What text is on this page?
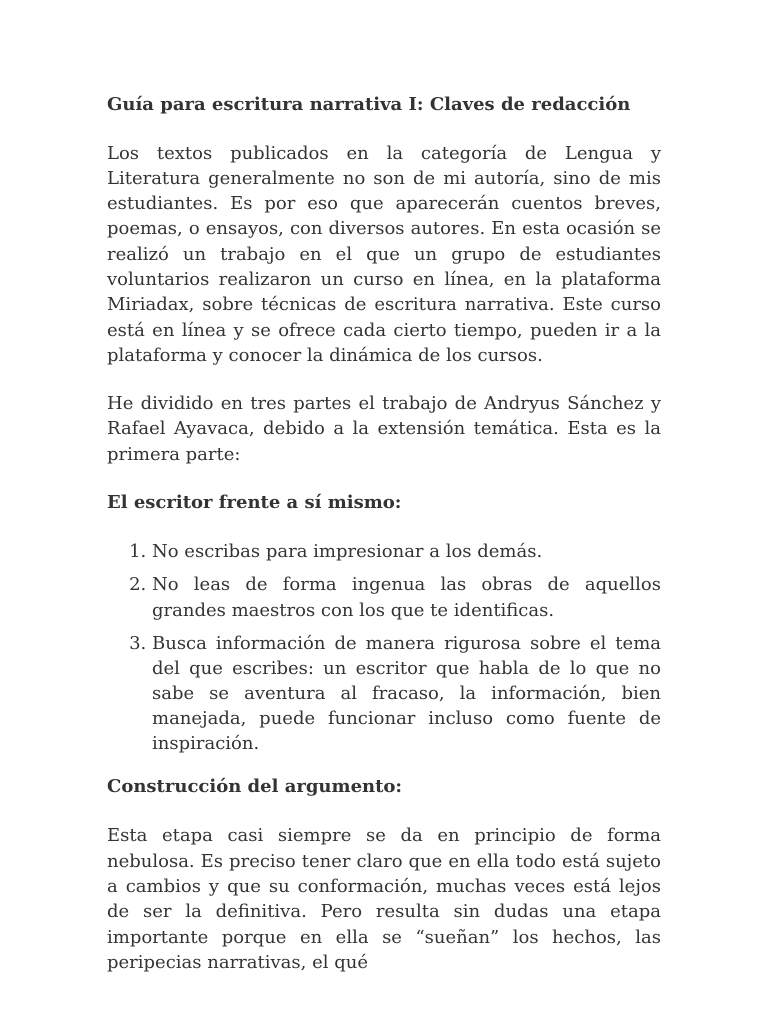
Guía para escritura narrativa I: Claves de redacción

Los textos publicados en la categoría de Lengua y Literatura generalmente no son de mi autoría, sino de mis estudiantes. Es por eso que aparecerán cuentos breves, poemas, o ensayos, con diversos autores. En esta ocasión se realizó un trabajo en el que un grupo de estudiantes voluntarios realizaron un curso en línea, en la plataforma Miriadax, sobre técnicas de escritura narrativa. Este curso está en línea y se ofrece cada cierto tiempo, pueden ir a la plataforma y conocer la dinámica de los cursos.

He dividido en tres partes el trabajo de Andryus Sánchez y Rafael Ayavaca, debido a la extensión temática. Esta es la primera parte:

El escritor frente a sí mismo:

1. No escribas para impresionar a los demás.
2. No leas de forma ingenua las obras de aquellos grandes maestros con los que te identificas.
3. Busca información de manera rigurosa sobre el tema del que escribes: un escritor que habla de lo que no sabe se aventura al fracaso, la información, bien manejada, puede funcionar incluso como fuente de inspiración.

Construcción del argumento:

Esta etapa casi siempre se da en principio de forma nebulosa. Es preciso tener claro que en ella todo está sujeto a cambios y que su conformación, muchas veces está lejos de ser la definitiva. Pero resulta sin dudas una etapa importante porque en ella se “sueñan” los hechos, las peripecias narrativas, el qué
